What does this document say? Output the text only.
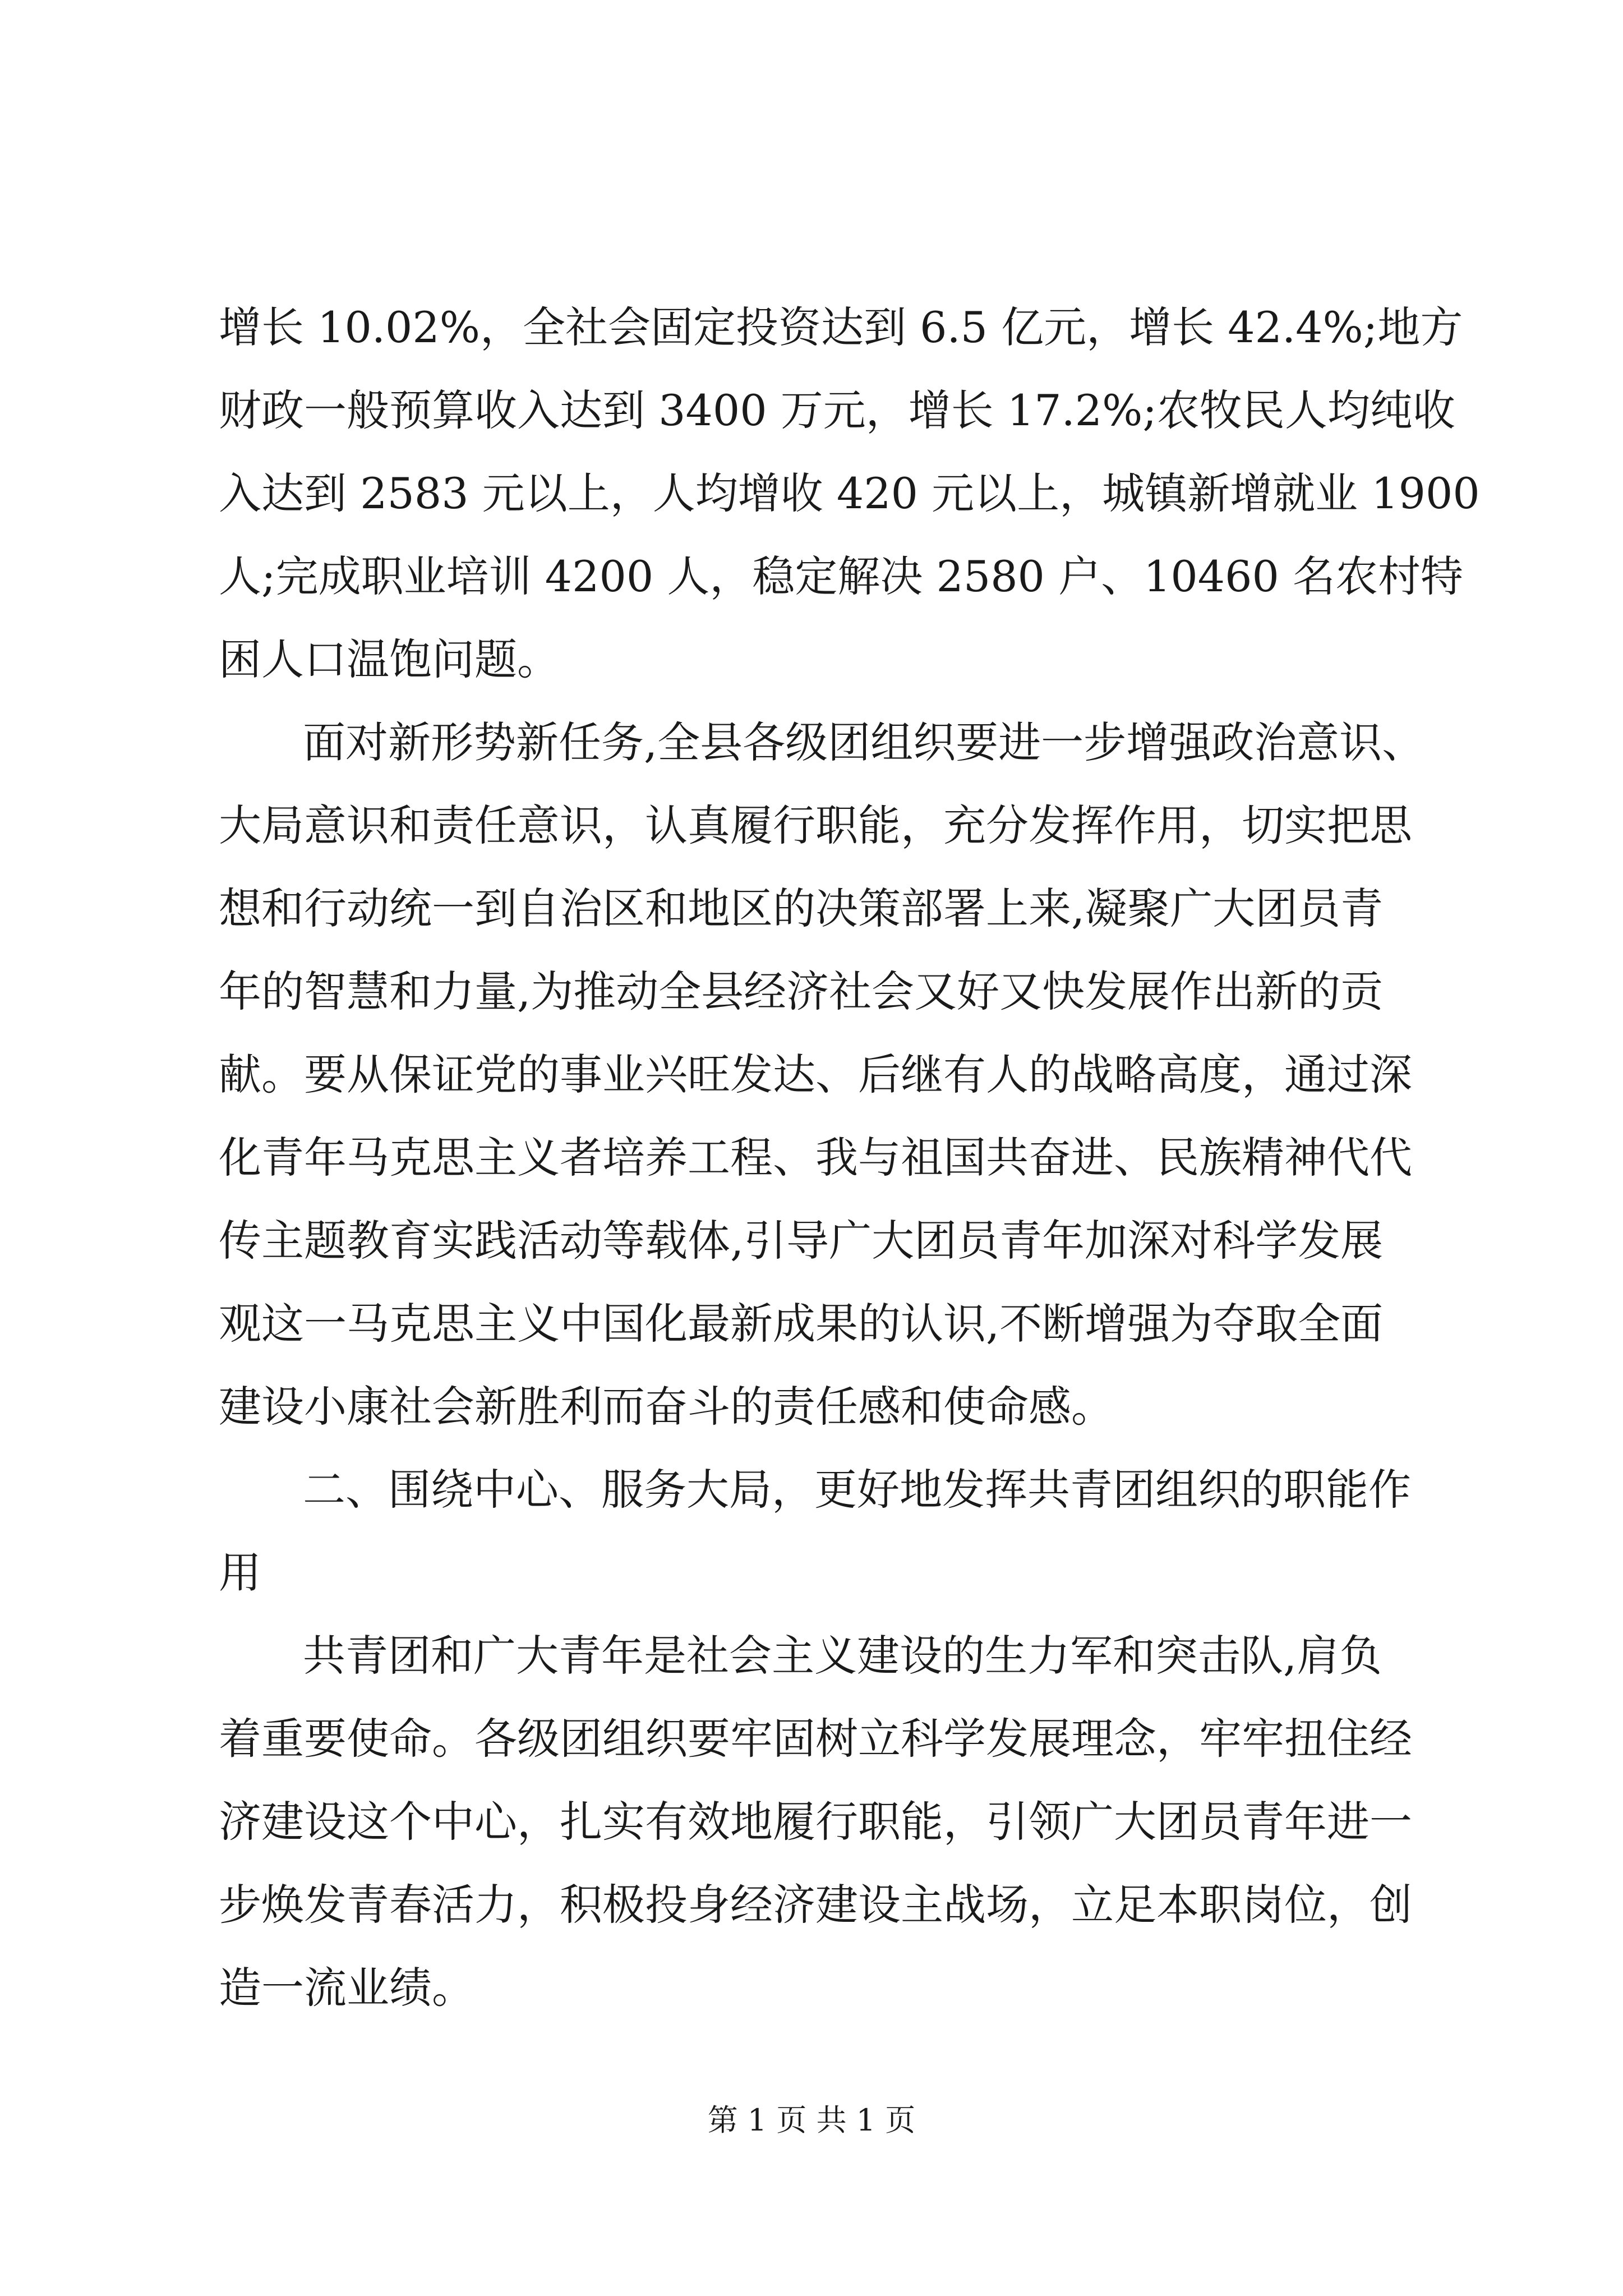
增长 10.02%，全社会固定投资达到 6.5 亿元，增长 42.4%;地方
财政一般预算收入达到 3400 万元，增长 17.2%;农牧民人均纯收
入达到 2583 元以上，人均增收 420 元以上，城镇新增就业 1900
人;完成职业培训 4200 人，稳定解决 2580 户、10460 名农村特
困人口温饱问题。
面对新形势新任务,全县各级团组织要进一步增强政治意识、
大局意识和责任意识，认真履行职能，充分发挥作用，切实把思
想和行动统一到自治区和地区的决策部署上来,凝聚广大团员青
年的智慧和力量,为推动全县经济社会又好又快发展作出新的贡
献。要从保证党的事业兴旺发达、后继有人的战略高度，通过深
化青年马克思主义者培养工程、我与祖国共奋进、民族精神代代
传主题教育实践活动等载体,引导广大团员青年加深对科学发展
观这一马克思主义中国化最新成果的认识,不断增强为夺取全面
建设小康社会新胜利而奋斗的责任感和使命感。
二、围绕中心、服务大局，更好地发挥共青团组织的职能作
用
共青团和广大青年是社会主义建设的生力军和突击队,肩负
着重要使命。各级团组织要牢固树立科学发展理念，牢牢扭住经
济建设这个中心，扎实有效地履行职能，引领广大团员青年进一
步焕发青春活力，积极投身经济建设主战场，立足本职岗位，创
造一流业绩。
第 1 页 共 1 页
